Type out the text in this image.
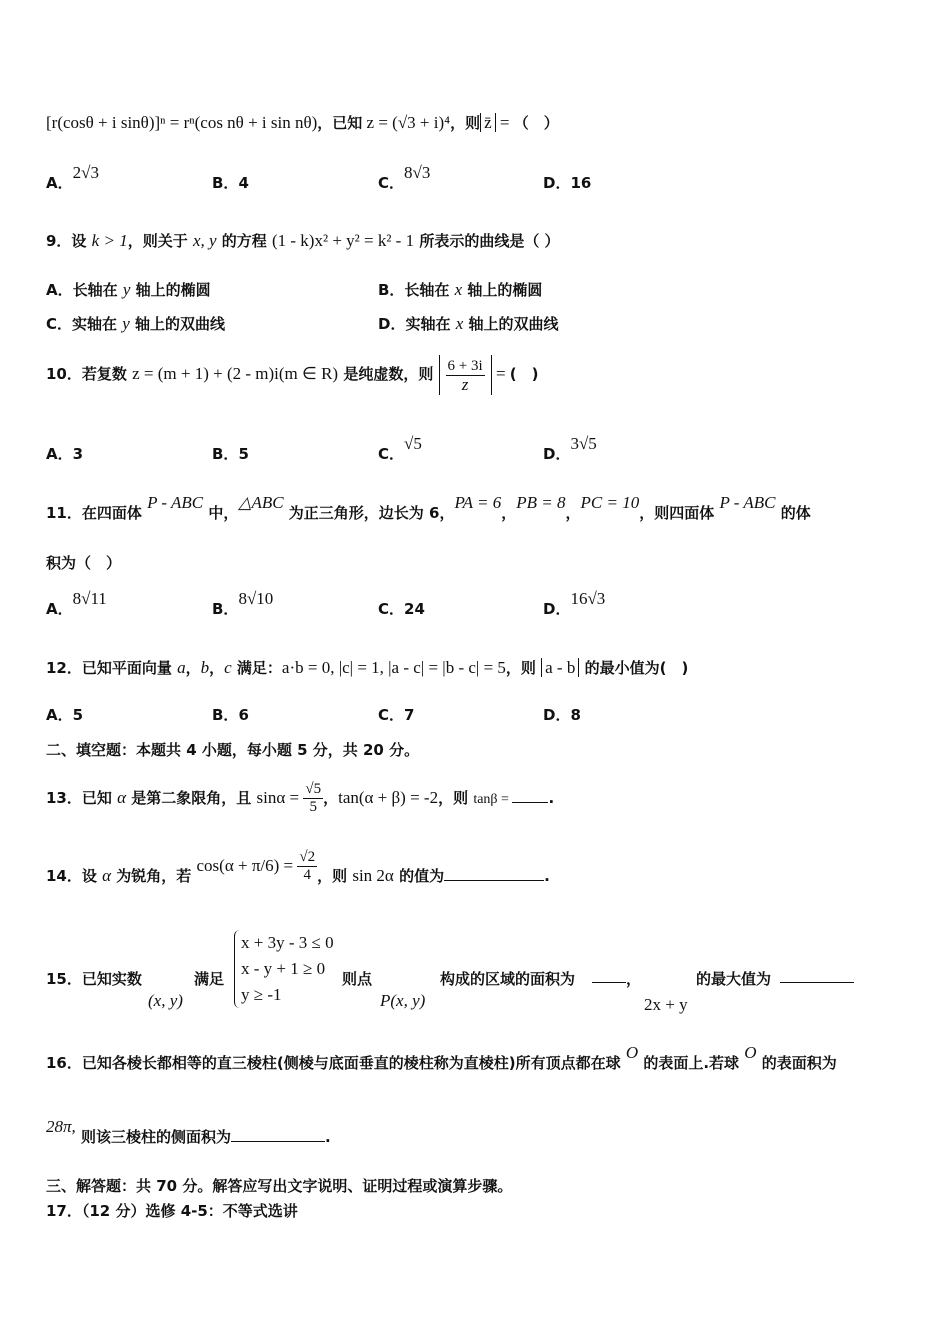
[r(cosθ + i sinθ)]ⁿ = rⁿ(cos nθ + i sin nθ)，已知 z = (√3 + i)⁴，则 z̄ = （　）
A．2√3
B．4	C．8√3
D．16
9．设 k > 1，则关于 x, y 的方程 (1 - k)x² + y² = k² - 1 所表示的曲线是（ ）
A．长轴在 y 轴上的椭圆	B．长轴在 x 轴上的椭圆
C．实轴在 y 轴上的双曲线	D．实轴在 x 轴上的双曲线
10．若复数 z = (m + 1) + (2 - m)i(m ∈ R) 是纯虚数，则 $\frac{6 + 3i}{z}$ = (　)
A．3	B．5	C．√5
D．3√5
11．在四面体 P - ABC 中，△ABC 为正三角形，边长为 6，PA = 6，PB = 8，PC = 10，则四面体 P - ABC 的体
积为（　）
A．8√11
B．8√10
C．24	D．16√3
12．已知平面向量 a，b，c 满足：a·b = 0, |c| = 1, |a - c| = |b - c| = 5，则 a - b 的最小值为(　)
A．5	B．6	C．7	D．8
二、填空题：本题共 4 小题，每小题 5 分，共 20 分。
13．已知 α 是第二象限角，且 $\sin\alpha = \frac{√5}{5}$ ，tan(α + β) = -2，则 tanβ = .
14．设 α 为锐角，若 $\cos(\alpha + \pi/6) = \frac{√2}{4}$ ，则 sin 2α 的值为	.
15．已知实数
(x, y)
满足
x + 3y - 3 ≤ 0
x - y + 1 ≥ 0
y ≥ -1
则点
P(x, y)
构成的区域的面积为	，
2x + y
的最大值为
16．已知各棱长都相等的直三棱柱(侧棱与底面垂直的棱柱称为直棱柱)所有顶点都在球 O 的表面上.若球 O 的表面积为
28π, 则该三棱柱的侧面积为	.
三、解答题：共 70 分。解答应写出文字说明、证明过程或演算步骤。
17．（12 分）选修 4-5：不等式选讲
